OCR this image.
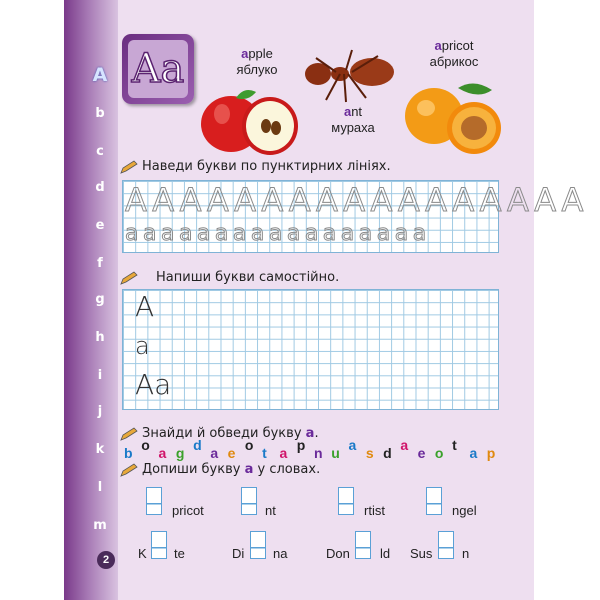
A
b
c
d
e
f
g
h
i
j
k
l
m
2
Aa	apple
яблуко
ant
мураха
apricot
абрикос
Наведи букви по пунктирних лініях.
AAAAAAAAAAAAAAAAA
aaaaaaaaaaaaaaaaa
Напиши букви самостійно.
A
a
Aa
Знайди й обведи букву a.
b o a g d a e o t a p n u a s d a e o t a p
Допиши букву a у словах.
pricot	nt	rtist	ngel
K te	Di na	Don ld Sus n
